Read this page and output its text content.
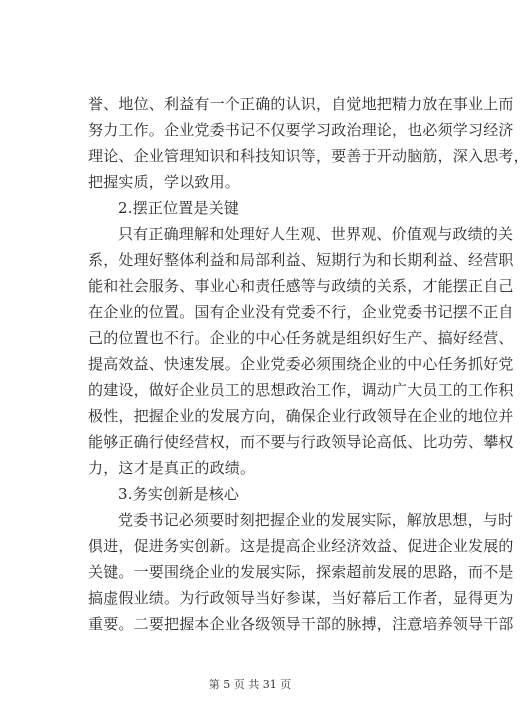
誉、地位、利益有一个正确的认识，自觉地把精力放在事业上而
努力工作。企业党委书记不仅要学习政治理论，也必须学习经济
理论、企业管理知识和科技知识等，要善于开动脑筋，深入思考，
把握实质，学以致用。
2.摆正位置是关键
只有正确理解和处理好人生观、世界观、价值观与政绩的关
系，处理好整体利益和局部利益、短期行为和长期利益、经营职
能和社会服务、事业心和责任感等与政绩的关系，才能摆正自己
在企业的位置。国有企业没有党委不行，企业党委书记摆不正自
己的位置也不行。企业的中心任务就是组织好生产、搞好经营、
提高效益、快速发展。企业党委必须围绕企业的中心任务抓好党
的建设，做好企业员工的思想政治工作，调动广大员工的工作积
极性，把握企业的发展方向，确保企业行政领导在企业的地位并
能够正确行使经营权，而不要与行政领导论高低、比功劳、攀权
力，这才是真正的政绩。
3.务实创新是核心
党委书记必须要时刻把握企业的发展实际，解放思想，与时
俱进，促进务实创新。这是提高企业经济效益、促进企业发展的
关键。一要围绕企业的发展实际，探索超前发展的思路，而不是
搞虚假业绩。为行政领导当好参谋，当好幕后工作者，显得更为
重要。二要把握本企业各级领导干部的脉搏，注意培养领导干部
第 5 页 共 31 页
